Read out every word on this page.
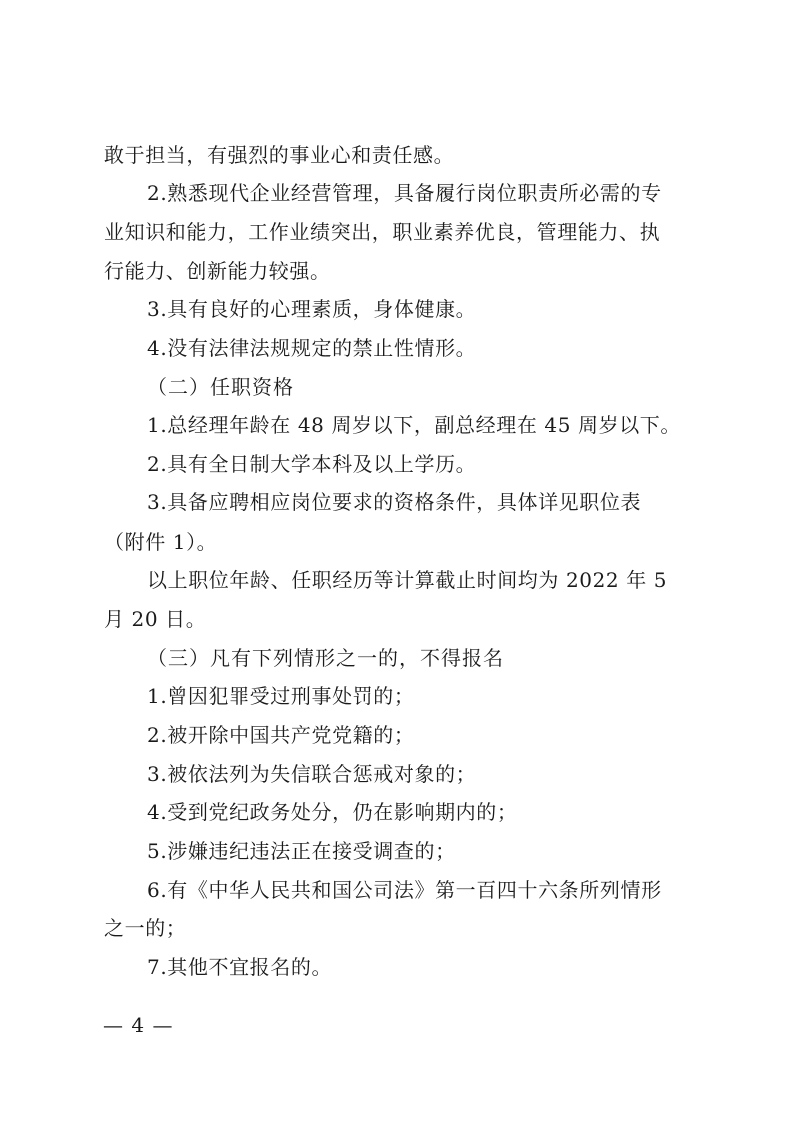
敢于担当，有强烈的事业心和责任感。
2.熟悉现代企业经营管理，具备履行岗位职责所必需的专
业知识和能力，工作业绩突出，职业素养优良，管理能力、执
行能力、创新能力较强。
3.具有良好的心理素质，身体健康。
4.没有法律法规规定的禁止性情形。
（二）任职资格
1.总经理年龄在 48 周岁以下，副总经理在 45 周岁以下。
2.具有全日制大学本科及以上学历。
3.具备应聘相应岗位要求的资格条件，具体详见职位表
（附件 1）。
以上职位年龄、任职经历等计算截止时间均为 2022 年 5
月 20 日。
（三）凡有下列情形之一的，不得报名
1.曾因犯罪受过刑事处罚的；
2.被开除中国共产党党籍的；
3.被依法列为失信联合惩戒对象的；
4.受到党纪政务处分，仍在影响期内的；
5.涉嫌违纪违法正在接受调查的；
6.有《中华人民共和国公司法》第一百四十六条所列情形
之一的；
7.其他不宜报名的。
— 4 —
